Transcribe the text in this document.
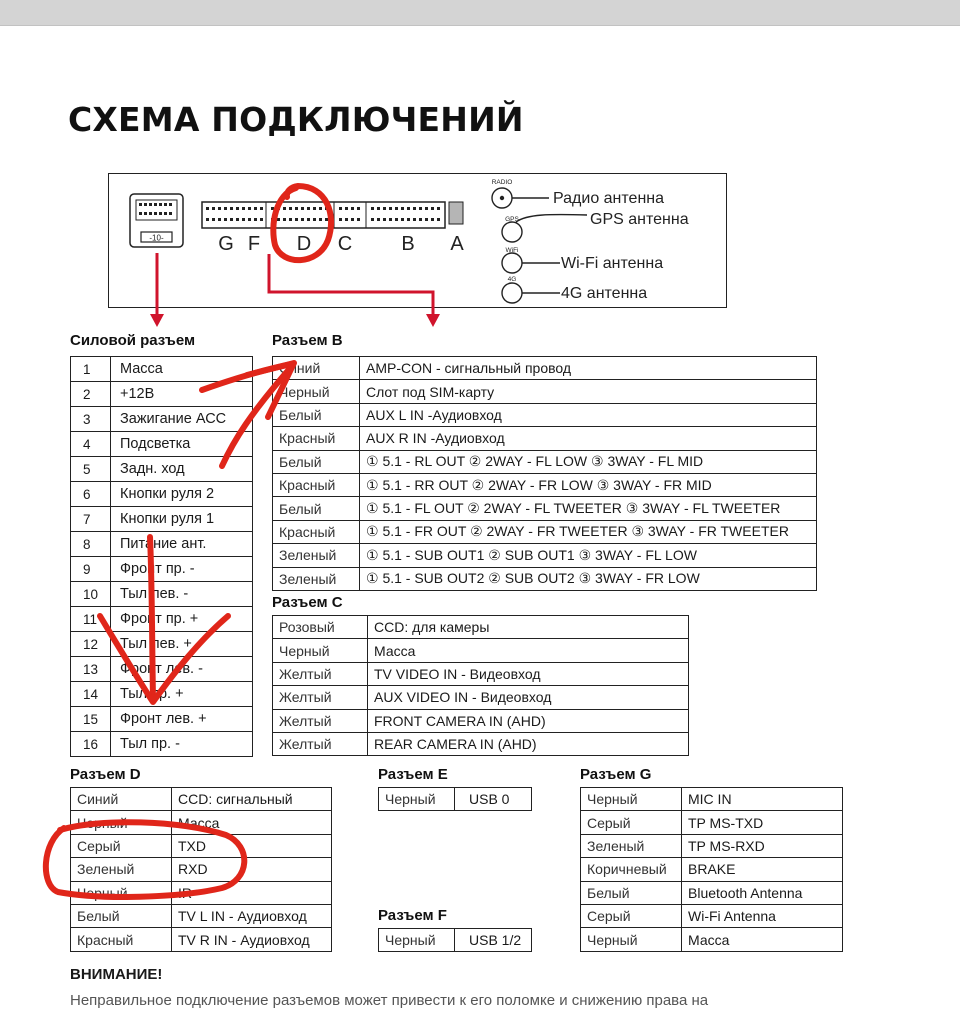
СХЕМА ПОДКЛЮЧЕНИЙ
-10-	G F D C B A
RADIO
Радио антенна
GPS	GPS антенна
WiFi
Wi-Fi антенна
4G
4G антенна
Силовой разъем
1	Масса
2	+12В
3	Зажигание АСС
4	Подсветка
5	Задн. ход
6	Кнопки руля 2
7	Кнопки руля 1
8	Питание ант.
9	Фронт пр. -
10	Тыл лев. -
11	Фронт пр. +
12	Тыл лев. +
13	Фронт лев. -
14	Тыл пр. +
15	Фронт лев. +
16	Тыл пр. -
Разъем B
Синий	AMP-CON - сигнальный провод
Черный	Слот под SIM-карту
Белый	AUX L IN -Аудиовход
Красный	AUX R IN -Аудиовход
Белый	① 5.1 - RL OUT ② 2WAY - FL LOW ③ 3WAY - FL MID
Красный	① 5.1 - RR OUT ② 2WAY - FR LOW ③ 3WAY - FR MID
Белый	① 5.1 - FL OUT ② 2WAY - FL TWEETER ③ 3WAY - FL TWEETER
Красный	① 5.1 - FR OUT ② 2WAY - FR TWEETER ③ 3WAY - FR TWEETER
Зеленый	① 5.1 - SUB OUT1 ② SUB OUT1 ③ 3WAY - FL LOW
Зеленый	① 5.1 - SUB OUT2 ② SUB OUT2 ③ 3WAY - FR LOW
Разъем C
Розовый	CCD: для камеры
Черный	Масса
Желтый	TV VIDEO IN - Видеовход
Желтый	AUX VIDEO IN - Видеовход
Желтый	FRONT CAMERA IN (AHD)
Желтый	REAR CAMERA IN (AHD)
Разъем D
Синий	CCD: сигнальный
Черный	Масса
Серый	TXD
Зеленый	RXD
Черный	IR
Белый	TV L IN - Аудиовход
Красный	TV R IN - Аудиовход
Разъем E
Черный	USB 0
Разъем F
Черный	USB 1/2
Разъем G
Черный	MIC IN
Серый	TP MS-TXD
Зеленый	TP MS-RXD
Коричневый	BRAKE
Белый	Bluetooth Antenna
Серый	Wi-Fi Antenna
Черный	Масса
ВНИМАНИЕ!
Неправильное подключение разъемов может привести к его поломке и снижению права на
